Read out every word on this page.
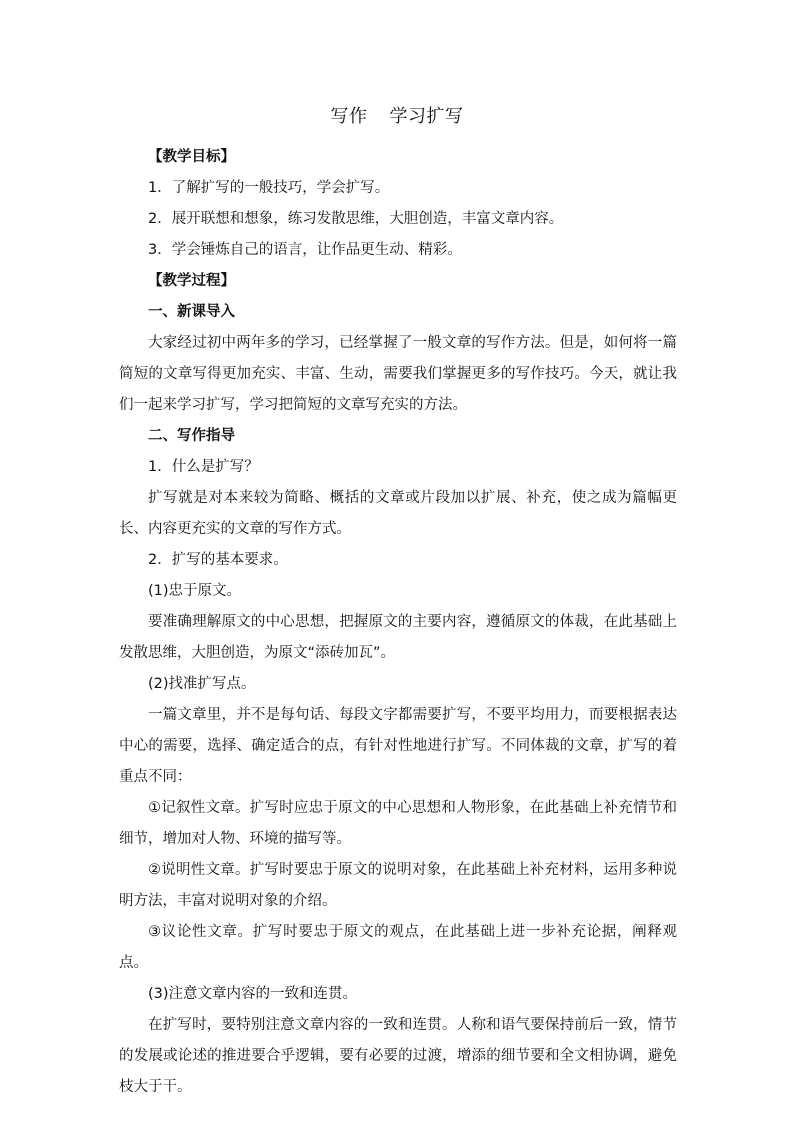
写作 学习扩写
【教学目标】
1．了解扩写的一般技巧，学会扩写。
2．展开联想和想象，练习发散思维，大胆创造，丰富文章内容。
3．学会锤炼自己的语言，让作品更生动、精彩。
【教学过程】
一、新课导入
大家经过初中两年多的学习，已经掌握了一般文章的写作方法。但是，如何将一篇简短的文章写得更加充实、丰富、生动，需要我们掌握更多的写作技巧。今天，就让我们一起来学习扩写，学习把简短的文章写充实的方法。
二、写作指导
1．什么是扩写？
扩写就是对本来较为简略、概括的文章或片段加以扩展、补充，使之成为篇幅更长、内容更充实的文章的写作方式。
2．扩写的基本要求。
(1)忠于原文。
要准确理解原文的中心思想，把握原文的主要内容，遵循原文的体裁，在此基础上发散思维，大胆创造，为原文“添砖加瓦”。
(2)找准扩写点。
一篇文章里，并不是每句话、每段文字都需要扩写，不要平均用力，而要根据表达中心的需要，选择、确定适合的点，有针对性地进行扩写。不同体裁的文章，扩写的着重点不同：
①记叙性文章。扩写时应忠于原文的中心思想和人物形象，在此基础上补充情节和细节，增加对人物、环境的描写等。
②说明性文章。扩写时要忠于原文的说明对象，在此基础上补充材料，运用多种说明方法，丰富对说明对象的介绍。
③议论性文章。扩写时要忠于原文的观点，在此基础上进一步补充论据，阐释观点。
(3)注意文章内容的一致和连贯。
在扩写时，要特别注意文章内容的一致和连贯。人称和语气要保持前后一致，情节的发展或论述的推进要合乎逻辑，要有必要的过渡，增添的细节要和全文相协调，避免枝大于干。
